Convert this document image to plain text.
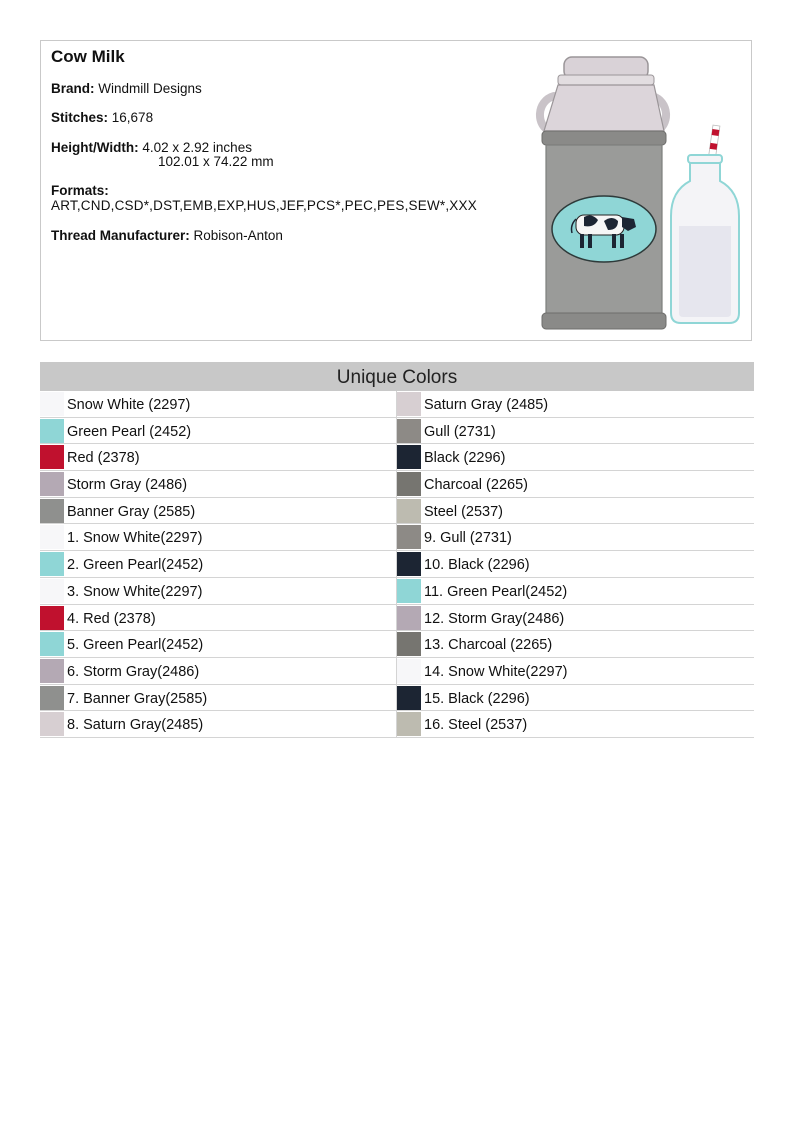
Cow Milk
Brand: Windmill Designs
Stitches: 16,678
Height/Width: 4.02 x 2.92 inches
102.01 x 74.22 mm
Formats:
ART,CND,CSD*,DST,EMB,EXP,HUS,JEF,PCS*,PEC,PES,SEW*,XXX
Thread Manufacturer: Robison-Anton
Unique Colors
Snow White (2297)
Green Pearl (2452)
Red (2378)
Storm Gray (2486)
Banner Gray (2585)
1. Snow White(2297)
2. Green Pearl(2452)
3. Snow White(2297)
4. Red (2378)
5. Green Pearl(2452)
6. Storm Gray(2486)
7. Banner Gray(2585)
8. Saturn Gray(2485)
Saturn Gray (2485)
Gull (2731)
Black (2296)
Charcoal (2265)
Steel (2537)
9. Gull (2731)
10. Black (2296)
11. Green Pearl(2452)
12. Storm Gray(2486)
13. Charcoal (2265)
14. Snow White(2297)
15. Black (2296)
16. Steel (2537)
